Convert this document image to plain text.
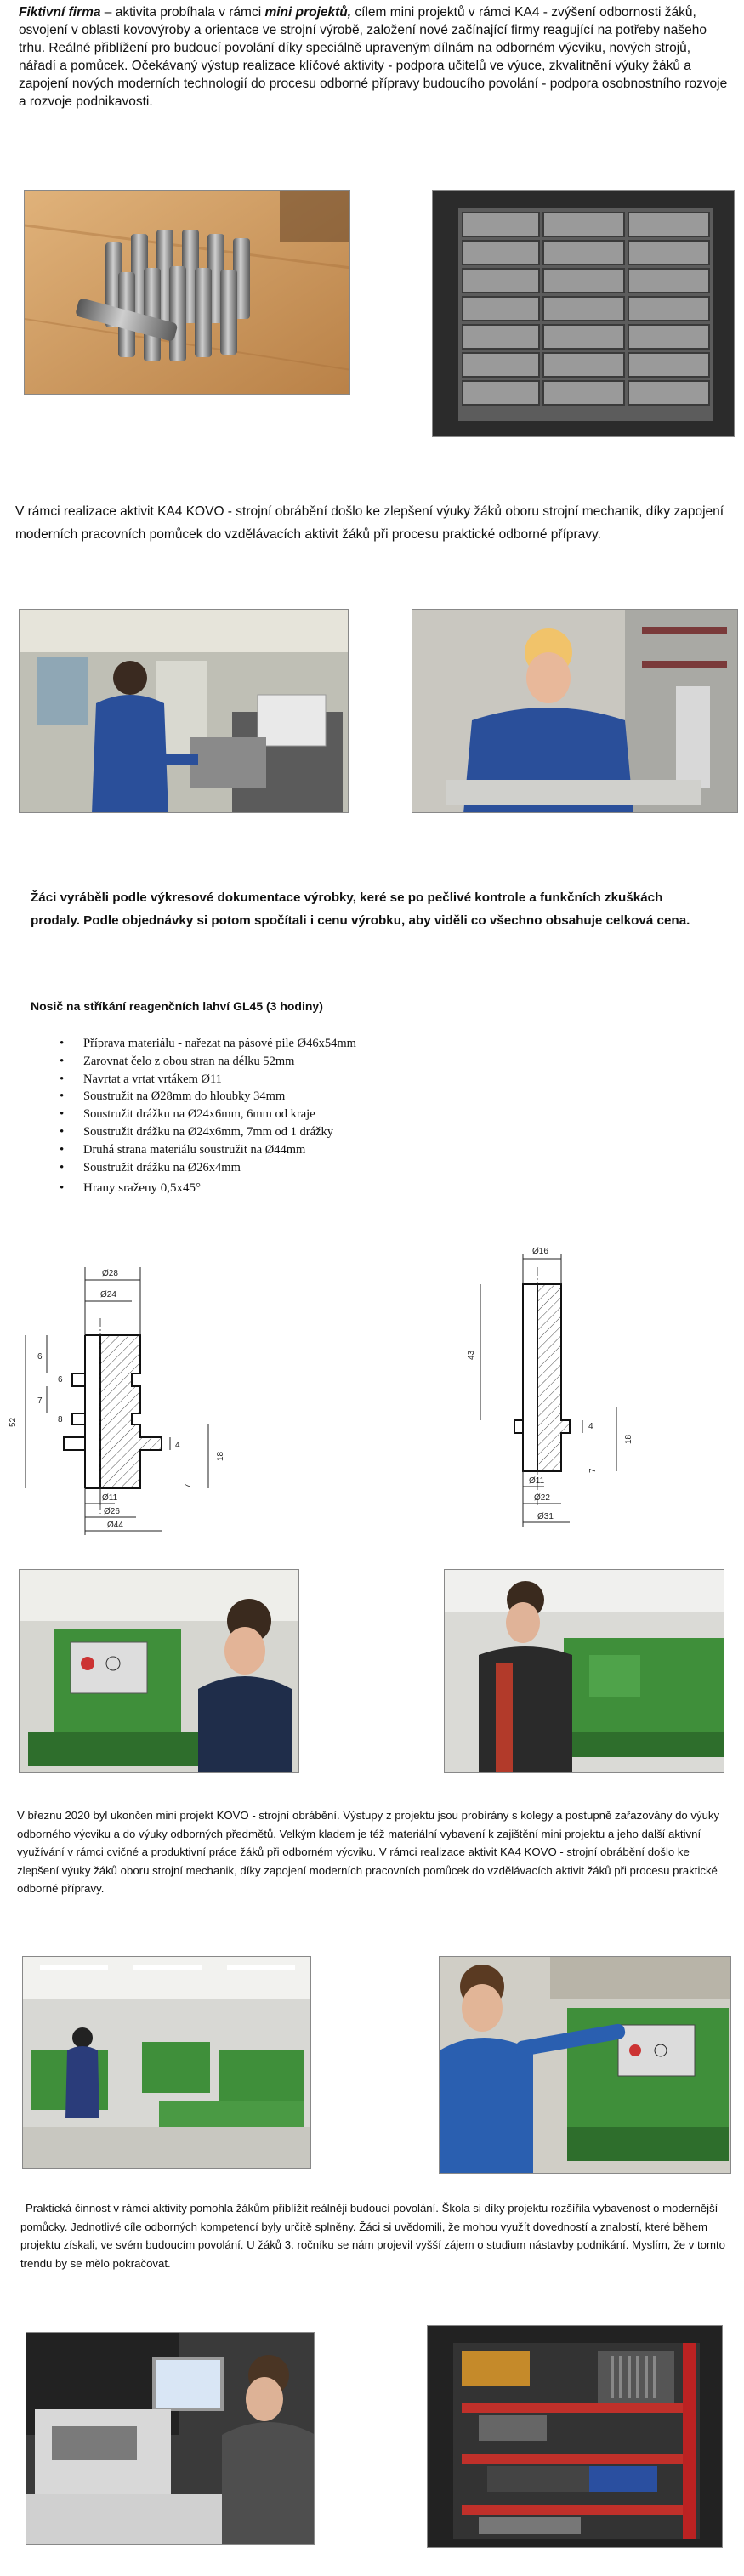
Fiktivní firma – aktivita probíhala v rámci mini projektů, cílem mini projektů v rámci KA4 - zvýšení odbornosti žáků, osvojení v oblasti kovovýroby a orientace ve strojní výrobě, založení nové začínající firmy reagující na potřeby našeho trhu. Reálné přiblížení pro budoucí povolání díky speciálně upraveným dílnám na odborném výcviku, nových strojů, nářadí a pomůcek. Očekávaný výstup realizace klíčové aktivity - podpora učitelů ve výuce, zkvalitnění výuky žáků a zapojení nových moderních technologií do procesu odborné přípravy budoucího povolání - podpora osobnostního rozvoje a rozvoje podnikavosti.
V rámci realizace aktivit KA4 KOVO - strojní obrábění došlo ke zlepšení výuky žáků oboru strojní mechanik, díky zapojení moderních pracovních pomůcek do vzdělávacích aktivit žáků při procesu praktické odborné přípravy.
Žáci vyráběli podle výkresové dokumentace výrobky, keré se po pečlivé kontrole a funkčních zkuškách prodaly. Podle objednávky si potom spočítali i cenu výrobku, aby viděli co všechno obsahuje celková cena.
Nosič na stříkání reagenčních lahví GL45 (3 hodiny)
• Příprava materiálu - nařezat na pásové pile Ø46x54mm
• Zarovnat čelo z obou stran na délku 52mm
• Navrtat a vrtat vrtákem Ø11
• Soustružit na Ø28mm do hloubky 34mm
• Soustružit drážku na Ø24x6mm, 6mm od kraje
• Soustružit drážku na Ø24x6mm, 7mm od 1 drážky
• Druhá strana materiálu soustružit na Ø44mm
• Soustružit drážku na Ø26x4mm
• Hrany sraženy 0,5x45°
Ø28
Ø24
52
6
7
6
8
4
18
7
Ø11
Ø26
Ø44
Ø16
43
4
18
7
Ø11
Ø22
Ø31
V březnu 2020 byl ukončen mini projekt KOVO - strojní obrábění. Výstupy z projektu jsou probírány s kolegy a postupně zařazovány do výuky odborného výcviku a do výuky odborných předmětů. Velkým kladem je též materiální vybavení k zajištění mini projektu a jeho další aktivní využívání v rámci cvičné a produktivní práce žáků při odborném výcviku. V rámci realizace aktivit KA4 KOVO - strojní obrábění došlo ke zlepšení výuky žáků oboru strojní mechanik, díky zapojení moderních pracovních pomůcek do vzdělávacích aktivit žáků při procesu praktické odborné přípravy.
Praktická činnost v rámci aktivity pomohla žákům přiblížit reálněji budoucí povolání. Škola si díky projektu rozšířila vybavenost o modernější pomůcky. Jednotlivé cíle odborných kompetencí byly určitě splněny. Žáci si uvědomili, že mohou využít dovedností a znalostí, které během projektu získali, ve svém budoucím povolání. U žáků 3. ročníku se nám projevil vyšší zájem o studium nástavby podnikání. Myslím, že v tomto trendu by se mělo pokračovat.
